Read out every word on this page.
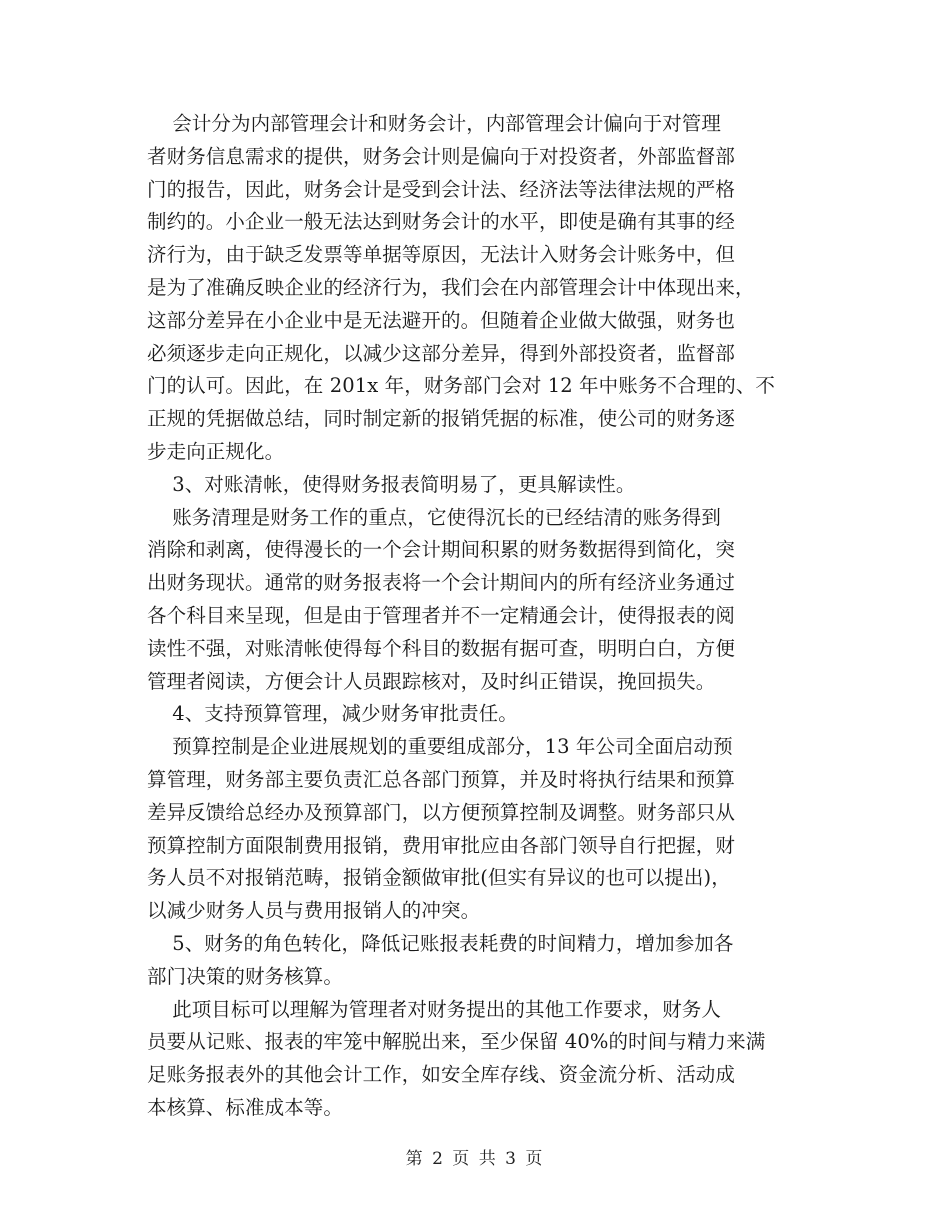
会计分为内部管理会计和财务会计，内部管理会计偏向于对管理
者财务信息需求的提供，财务会计则是偏向于对投资者，外部监督部
门的报告，因此，财务会计是受到会计法、经济法等法律法规的严格
制约的。小企业一般无法达到财务会计的水平，即使是确有其事的经
济行为，由于缺乏发票等单据等原因，无法计入财务会计账务中，但
是为了准确反映企业的经济行为，我们会在内部管理会计中体现出来，
这部分差异在小企业中是无法避开的。但随着企业做大做强，财务也
必须逐步走向正规化，以减少这部分差异，得到外部投资者，监督部
门的认可。因此，在 201x 年，财务部门会对 12 年中账务不合理的、不
正规的凭据做总结，同时制定新的报销凭据的标准，使公司的财务逐
步走向正规化。
3、对账清帐，使得财务报表简明易了，更具解读性。
账务清理是财务工作的重点，它使得沉长的已经结清的账务得到
消除和剥离，使得漫长的一个会计期间积累的财务数据得到简化，突
出财务现状。通常的财务报表将一个会计期间内的所有经济业务通过
各个科目来呈现，但是由于管理者并不一定精通会计，使得报表的阅
读性不强，对账清帐使得每个科目的数据有据可查，明明白白，方便
管理者阅读，方便会计人员跟踪核对，及时纠正错误，挽回损失。
4、支持预算管理，减少财务审批责任。
预算控制是企业进展规划的重要组成部分，13 年公司全面启动预
算管理，财务部主要负责汇总各部门预算，并及时将执行结果和预算
差异反馈给总经办及预算部门，以方便预算控制及调整。财务部只从
预算控制方面限制费用报销，费用审批应由各部门领导自行把握，财
务人员不对报销范畴，报销金额做审批(但实有异议的也可以提出)，
以减少财务人员与费用报销人的冲突。
5、财务的角色转化，降低记账报表耗费的时间精力，增加参加各
部门决策的财务核算。
此项目标可以理解为管理者对财务提出的其他工作要求，财务人
员要从记账、报表的牢笼中解脱出来，至少保留 40%的时间与精力来满
足账务报表外的其他会计工作，如安全库存线、资金流分析、活动成
本核算、标准成本等。
第 2 页 共 3 页
